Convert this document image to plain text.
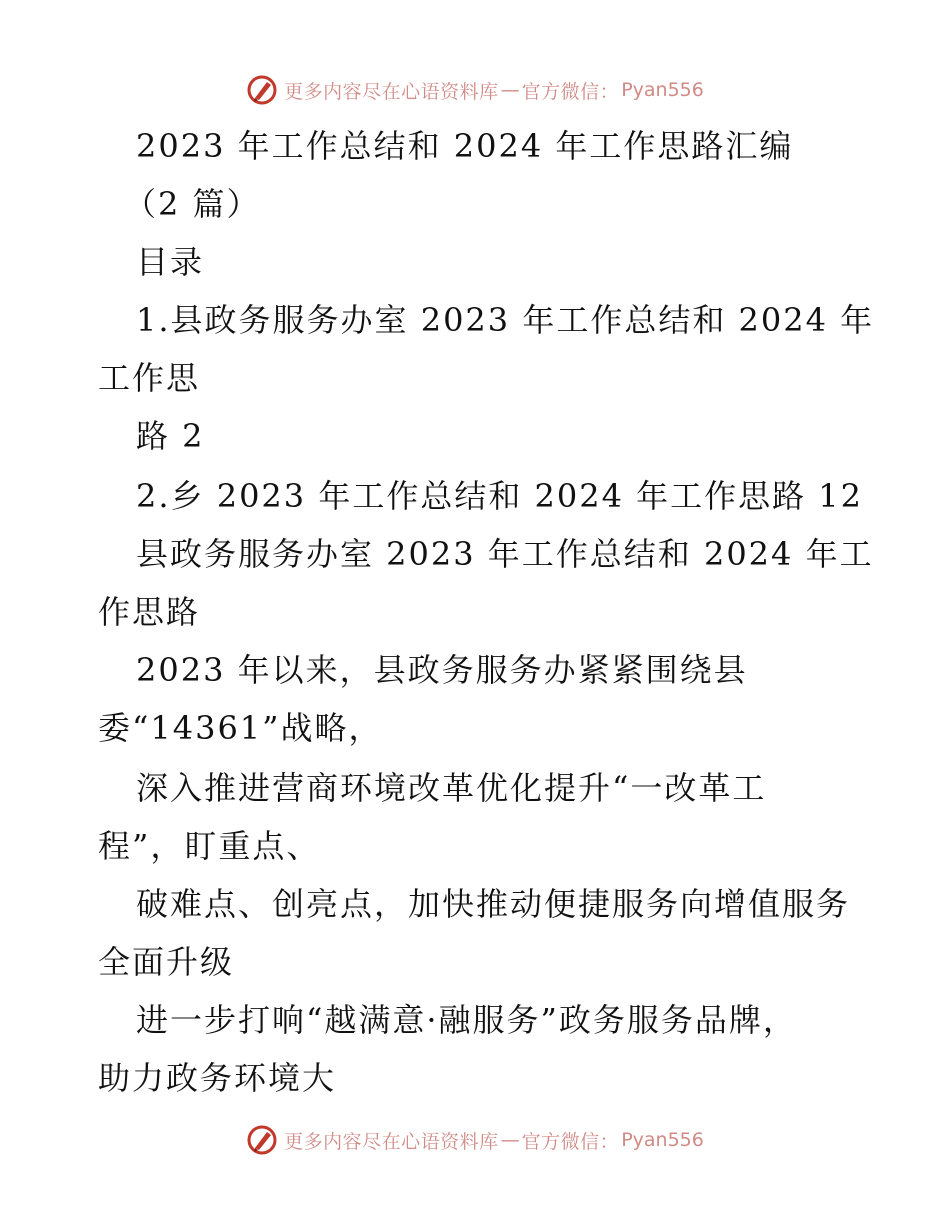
更多内容尽在心语资料库 — 官方微信： Pyan556
2023 年工作总结和 2024 年工作思路汇编
（2 篇）
目录
1.县政务服务办室 2023 年工作总结和 2024 年
工作思
路 2
2.乡 2023 年工作总结和 2024 年工作思路 12
县政务服务办室 2023 年工作总结和 2024 年工
作思路
2023 年以来，县政务服务办紧紧围绕县
委“14361”战略，
深入推进营商环境改革优化提升“一改革工
程”，盯重点、
破难点、创亮点，加快推动便捷服务向增值服务
全面升级
进一步打响“越满意·融服务”政务服务品牌，
助力政务环境大
更多内容尽在心语资料库 — 官方微信： Pyan556
